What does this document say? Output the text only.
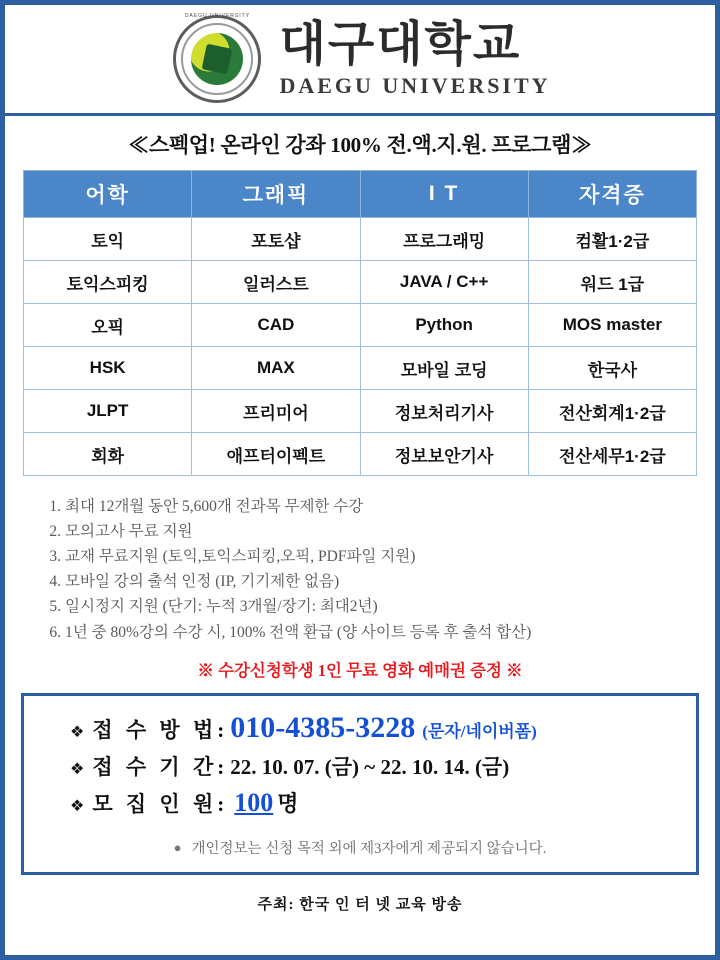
DAEGU UNIVERSITY
대구대학교
DAEGU UNIVERSITY
≪스펙업! 온라인 강좌 100% 전.액.지.원. 프로그램≫
어학	그래픽	I T	자격증
토익	포토샵	프로그래밍	컴활1·2급
토익스피킹	일러스트	JAVA / C++	워드 1급
오픽	CAD	Python	MOS master
HSK	MAX	모바일 코딩	한국사
JLPT	프리미어	정보처리기사	전산회계1·2급
회화	애프터이펙트	정보보안기사	전산세무1·2급
1. 최대 12개월 동안 5,600개 전과목 무제한 수강
2. 모의고사 무료 지원
3. 교재 무료지원 (토익,토익스피킹,오픽, PDF파일 지원)
4. 모바일 강의 출석 인정 (IP, 기기제한 없음)
5. 일시정지 지원 (단기: 누적 3개월/장기: 최대2년)
6. 1년 중 80%강의 수강 시, 100% 전액 환급 (양 사이트 등록 후 출석 합산)
※ 수강신청학생 1인 무료 영화 예매권 증정 ※
❖ 접 수 방 법 : 010-4385-3228 (문자/네이버폼)
❖ 접 수 기 간 : 22. 10. 07. (금) ~ 22. 10. 14. (금)
❖ 모 집 인 원 : 100 명
● 개인정보는 신청 목적 외에 제3자에게 제공되지 않습니다.
주최: 한국 인 터 넷 교육 방송
